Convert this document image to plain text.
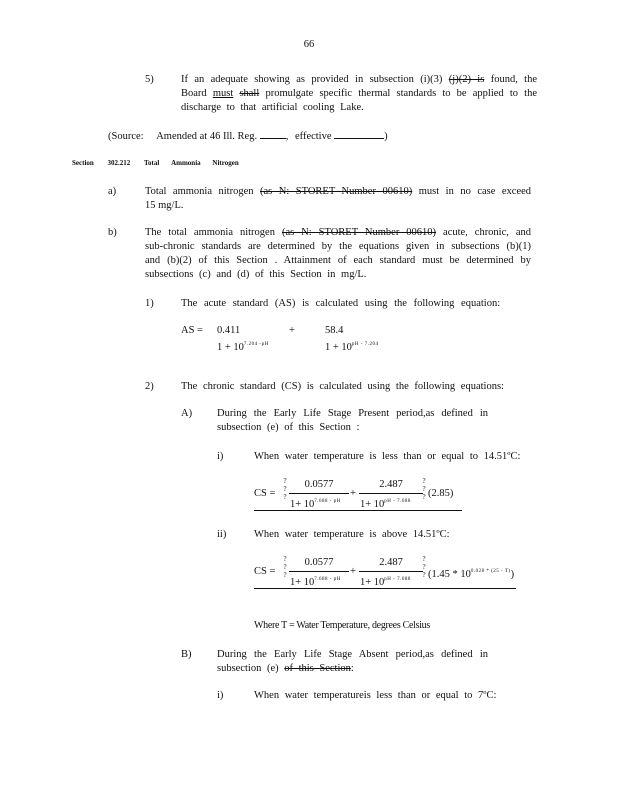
66
5)	If an adequate showing as provided in subsection (i)(3) (j)(2) is found, the
Board must shall promulgate specific thermal standards to be applied to the
discharge to that artificial cooling Lake.
(Source: Amended at 46 Ill. Reg.	, effective	)
Section 302.212 Total Ammonia Nitrogen
a)	Total ammonia nitrogen (as N: STORET Number 00610) must in no case exceed
15 mg/L.
b)	The total ammonia nitrogen (as N: STORET Number 00610) acute, chronic, and
sub-chronic standards are determined by the equations given in subsections (b)(1)
and (b)(2) of this Section . Attainment of each standard must be determined by
subsections (c) and (d) of this Section in mg/L.
1)	The acute standard (AS) is calculated using the following equation:
AS = 0.411
$1 + 10^{7.204 -pH}$
+	58.4
$1 + 10^{pH - 7.204}$
2)	The chronic standard (CS) is calculated using the following equations:
A) During the Early Life Stage Present period,as defined in
subsection (e) of this Section :
i)	When water temperature is less than or equal to 14.51ºC:
CS =
?
?
?
0.0577
$1+ 10^{7.688 - pH}$
+
2.487
$1+ 10^{pH - 7.688}$
?
?
? (2.85)
ii)	When water temperature is above 14.51ºC:
CS =
?
?
?
0.0577
$1+ 10^{7.688 - pH}$
+
2.487
$1+ 10^{pH - 7.688}$
?
?
? $(1.45 * 10^{0.028 * (25 - T)})$
Where T = Water Temperature, degrees Celsius
B) During the Early Life Stage Absent period,as defined in
subsection (e) of this Section:
i)	When water temperatureis less than or equal to 7ºC:
